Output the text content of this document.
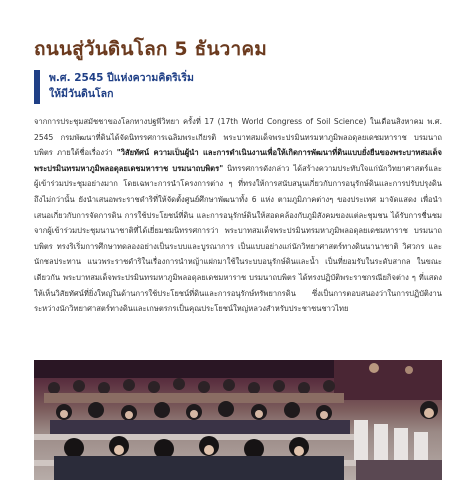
ถนนสู่วันดินโลก 5 ธันวาคม
พ.ศ. 2545 ปีแห่งความคิดริเริ่ม
ให้มีวันดินโลก
จากการประชุมสมัชชาของโลกทางปฐพีวิทยา ครั้งที่ 17 (17th World Congress of Soil Science) ในเดือนสิงหาคม พ.ศ. 2545 กรมพัฒนาที่ดินได้จัดนิทรรศการเฉลิมพระเกียรติ พระบาทสมเด็จพระปรมินทรมหาภูมิพลอดุลยเดชมหาราช บรมนาถบพิตร ภายใต้ชื่อเรื่องว่า "วิสัยทัศน์ ความเป็นผู้นำ และการดำเนินงานเพื่อให้เกิดการพัฒนาที่ดินแบบยั่งยืนของพระบาทสมเด็จพระปรมินทรมหาภูมิพลอดุลยเดชมหาราช บรมนาถบพิตร" นิทรรศการดังกล่าว ได้สร้างความประทับใจแก่นักวิทยาศาสตร์และผู้เข้าร่วมประชุมอย่างมาก โดยเฉพาะการนำโครงการต่าง ๆ ที่ทรงให้การสนับสนุนเกี่ยวกับการอนุรักษ์ดินและการปรับปรุงดิน ถึงไม่กว่านั้น ยังนำเสนอพระราชดำริที่ให้จัดตั้งศูนย์ศึกษาพัฒนาทั้ง 6 แห่ง ตามภูมิภาคต่างๆ ของประเทศ มาจัดแสดง เพื่อนำเสนอเกี่ยวกับการจัดการดิน การใช้ประโยชน์ที่ดิน และการอนุรักษ์ดินให้สอดคล้องกับภูมิสังคมของแต่ละชุมชน ได้รับการชื่นชมจากผู้เข้าร่วมประชุมนานาชาติที่ได้เยี่ยมชมนิทรรศการว่า พระบาทสมเด็จพระปรมินทรมหาภูมิพลอดุลยเดชมหาราช บรมนาถบพิตร ทรงริเริ่มการศึกษาทดลองอย่างเป็นระบบและบูรณาการ เป็นแบบอย่างแก่นักวิทยาศาสตร์ทางดินนานาชาติ วิศวกร และนักชลประทาน แนวพระราชดำริในเรื่องการนำหญ้าแฝกมาใช้ในระบบอนุรักษ์ดินและน้ำ เป็นที่ยอมรับในระดับสากล ในขณะเดียวกัน พระบาทสมเด็จพระปรมินทรมหาภูมิพลอดุลยเดชมหาราช บรมนาถบพิตร ได้ทรงปฏิบัติพระราชกรณียกิจต่าง ๆ ที่แสดงให้เห็นวิสัยทัศน์ที่ยิ่งใหญ่ในด้านการใช้ประโยชน์ที่ดินและการอนุรักษ์ทรัพยากรดิน ซึ่งเป็นการตอบสนองว่าในการปฏิบัติงานระหว่างนักวิทยาศาสตร์ทางดินและเกษตรกรเป็นคุณประโยชน์ใหญ่หลวงสำหรับประชาชนชาวไทย
